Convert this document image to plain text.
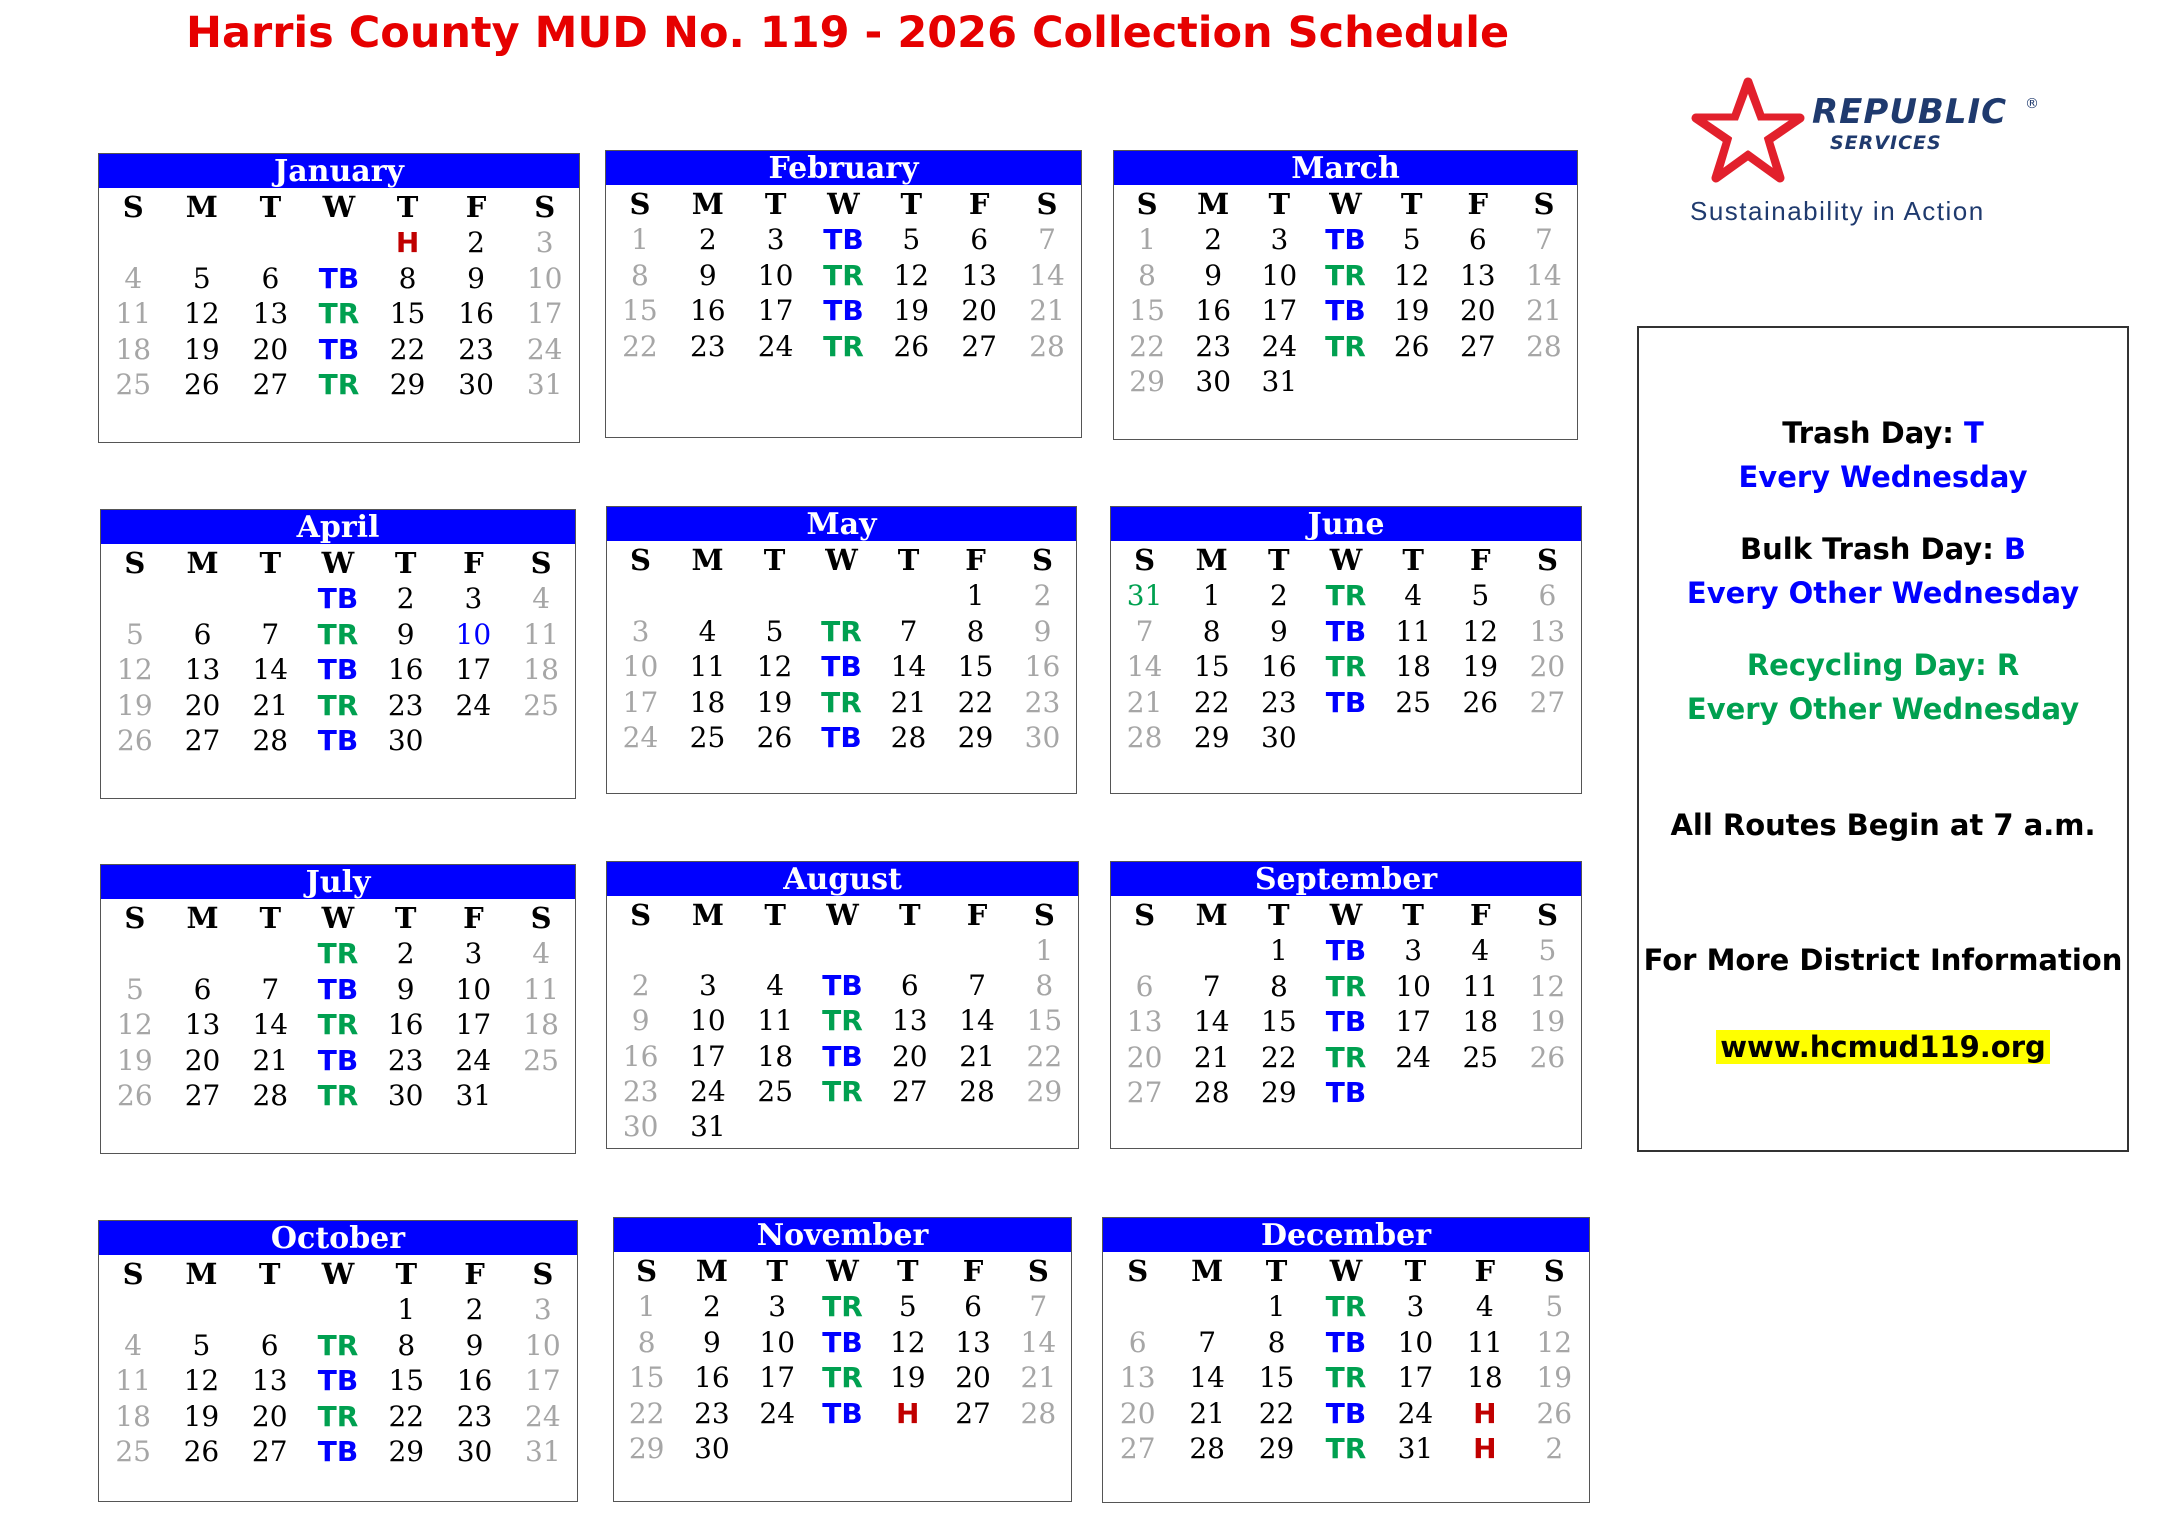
Harris County MUD No. 119 - 2026 Collection Schedule
January
S	M	T	W	T	F	S
				H	2	3
4	5	6	TB	8	9	10
11	12	13	TR	15	16	17
18	19	20	TB	22	23	24
25	26	27	TR	29	30	31
February
S	M	T	W	T	F	S
1	2	3	TB	5	6	7
8	9	10	TR	12	13	14
15	16	17	TB	19	20	21
22	23	24	TR	26	27	28
March
S	M	T	W	T	F	S
1	2	3	TB	5	6	7
8	9	10	TR	12	13	14
15	16	17	TB	19	20	21
22	23	24	TR	26	27	28
29	30	31				
April
S	M	T	W	T	F	S
			TB	2	3	4
5	6	7	TR	9	10	11
12	13	14	TB	16	17	18
19	20	21	TR	23	24	25
26	27	28	TB	30		
May
S	M	T	W	T	F	S
					1	2
3	4	5	TR	7	8	9
10	11	12	TB	14	15	16
17	18	19	TR	21	22	23
24	25	26	TB	28	29	30
June
S	M	T	W	T	F	S
31	1	2	TR	4	5	6
7	8	9	TB	11	12	13
14	15	16	TR	18	19	20
21	22	23	TB	25	26	27
28	29	30				
July
S	M	T	W	T	F	S
			TR	2	3	4
5	6	7	TB	9	10	11
12	13	14	TR	16	17	18
19	20	21	TB	23	24	25
26	27	28	TR	30	31	
August
S	M	T	W	T	F	S
						1
2	3	4	TB	6	7	8
9	10	11	TR	13	14	15
16	17	18	TB	20	21	22
23	24	25	TR	27	28	29
30	31					
September
S	M	T	W	T	F	S
		1	TB	3	4	5
6	7	8	TR	10	11	12
13	14	15	TB	17	18	19
20	21	22	TR	24	25	26
27	28	29	TB			
October
S	M	T	W	T	F	S
				1	2	3
4	5	6	TR	8	9	10
11	12	13	TB	15	16	17
18	19	20	TR	22	23	24
25	26	27	TB	29	30	31
November
S	M	T	W	T	F	S
1	2	3	TR	5	6	7
8	9	10	TB	12	13	14
15	16	17	TR	19	20	21
22	23	24	TB	H	27	28
29	30					
December
S	M	T	W	T	F	S
		1	TR	3	4	5
6	7	8	TB	10	11	12
13	14	15	TR	17	18	19
20	21	22	TB	24	H	26
27	28	29	TR	31	H	2
REPUBLIC
SERVICES
®
Sustainability in Action
Trash Day: T
Every Wednesday
Bulk Trash Day: B
Every Other Wednesday
Recycling Day: R
Every Other Wednesday
All Routes Begin at 7 a.m.
For More District Information
www.hcmud119.org
